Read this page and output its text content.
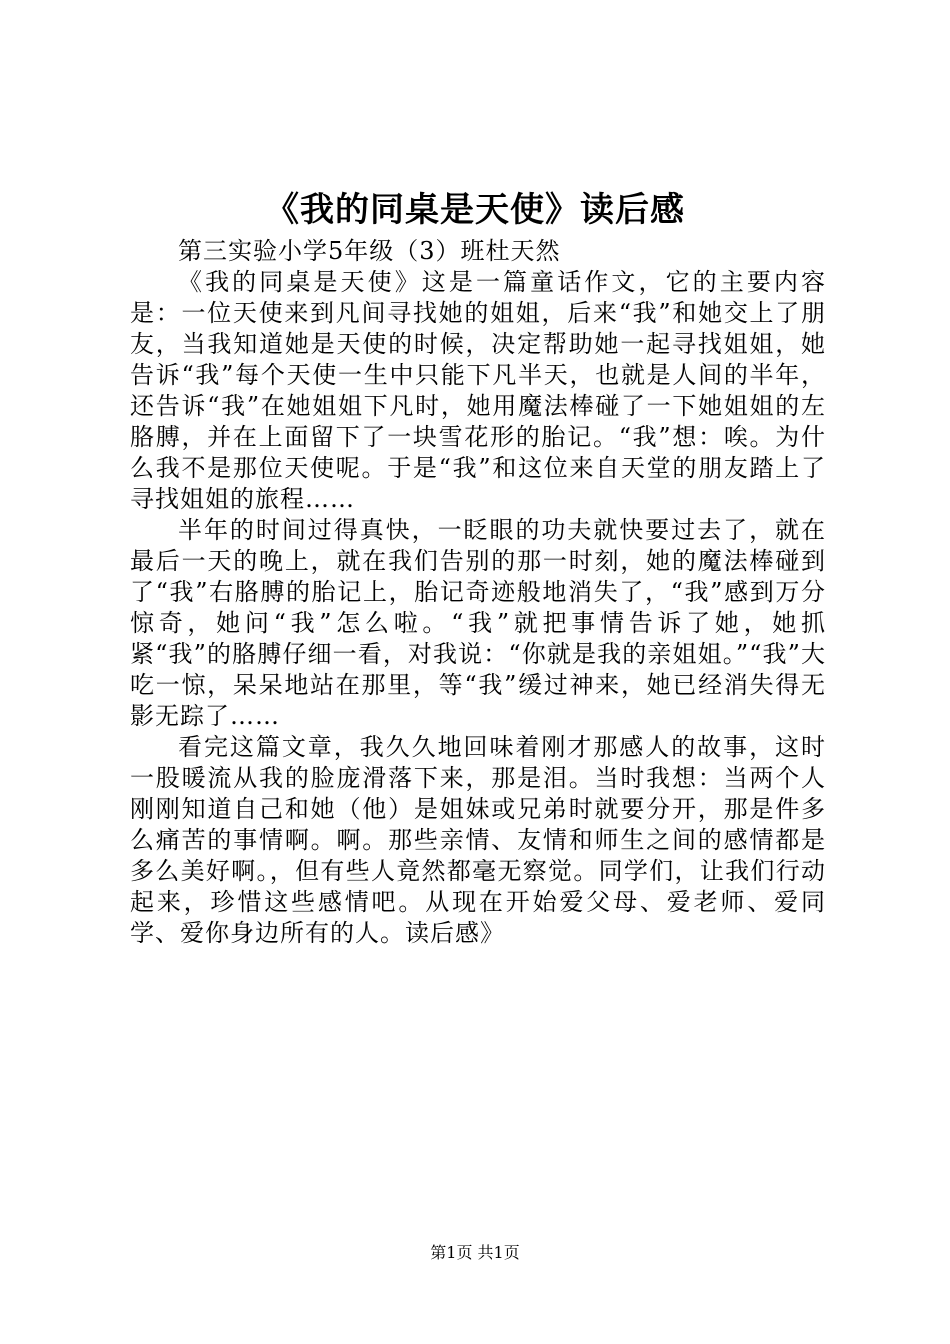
《我的同桌是天使》读后感

第三实验小学5年级（3）班杜天然

《我的同桌是天使》这是一篇童话作文，它的主要内容是：一位天使来到凡间寻找她的姐姐，后来“我”和她交上了朋友，当我知道她是天使的时候，决定帮助她一起寻找姐姐，她告诉“我”每个天使一生中只能下凡半天，也就是人间的半年，还告诉“我”在她姐姐下凡时，她用魔法棒碰了一下她姐姐的左胳膊，并在上面留下了一块雪花形的胎记。“我”想：唉。为什么我不是那位天使呢。于是“我”和这位来自天堂的朋友踏上了寻找姐姐的旅程……

半年的时间过得真快，一眨眼的功夫就快要过去了，就在最后一天的晚上，就在我们告别的那一时刻，她的魔法棒碰到了“我”右胳膊的胎记上，胎记奇迹般地消失了，“我”感到万分惊奇，她问“我”怎么啦。“我”就把事情告诉了她，她抓紧“我”的胳膊仔细一看，对我说：“你就是我的亲姐姐。”“我”大吃一惊，呆呆地站在那里，等“我”缓过神来，她已经消失得无影无踪了……

看完这篇文章，我久久地回味着刚才那感人的故事，这时一股暖流从我的脸庞滑落下来，那是泪。当时我想：当两个人刚刚知道自己和她（他）是姐妹或兄弟时就要分开，那是件多么痛苦的事情啊。啊。那些亲情、友情和师生之间的感情都是多么美好啊。，但有些人竟然都毫无察觉。同学们，让我们行动起来，珍惜这些感情吧。从现在开始爱父母、爱老师、爱同学、爱你身边所有的人。读后感》

第1页 共1页
